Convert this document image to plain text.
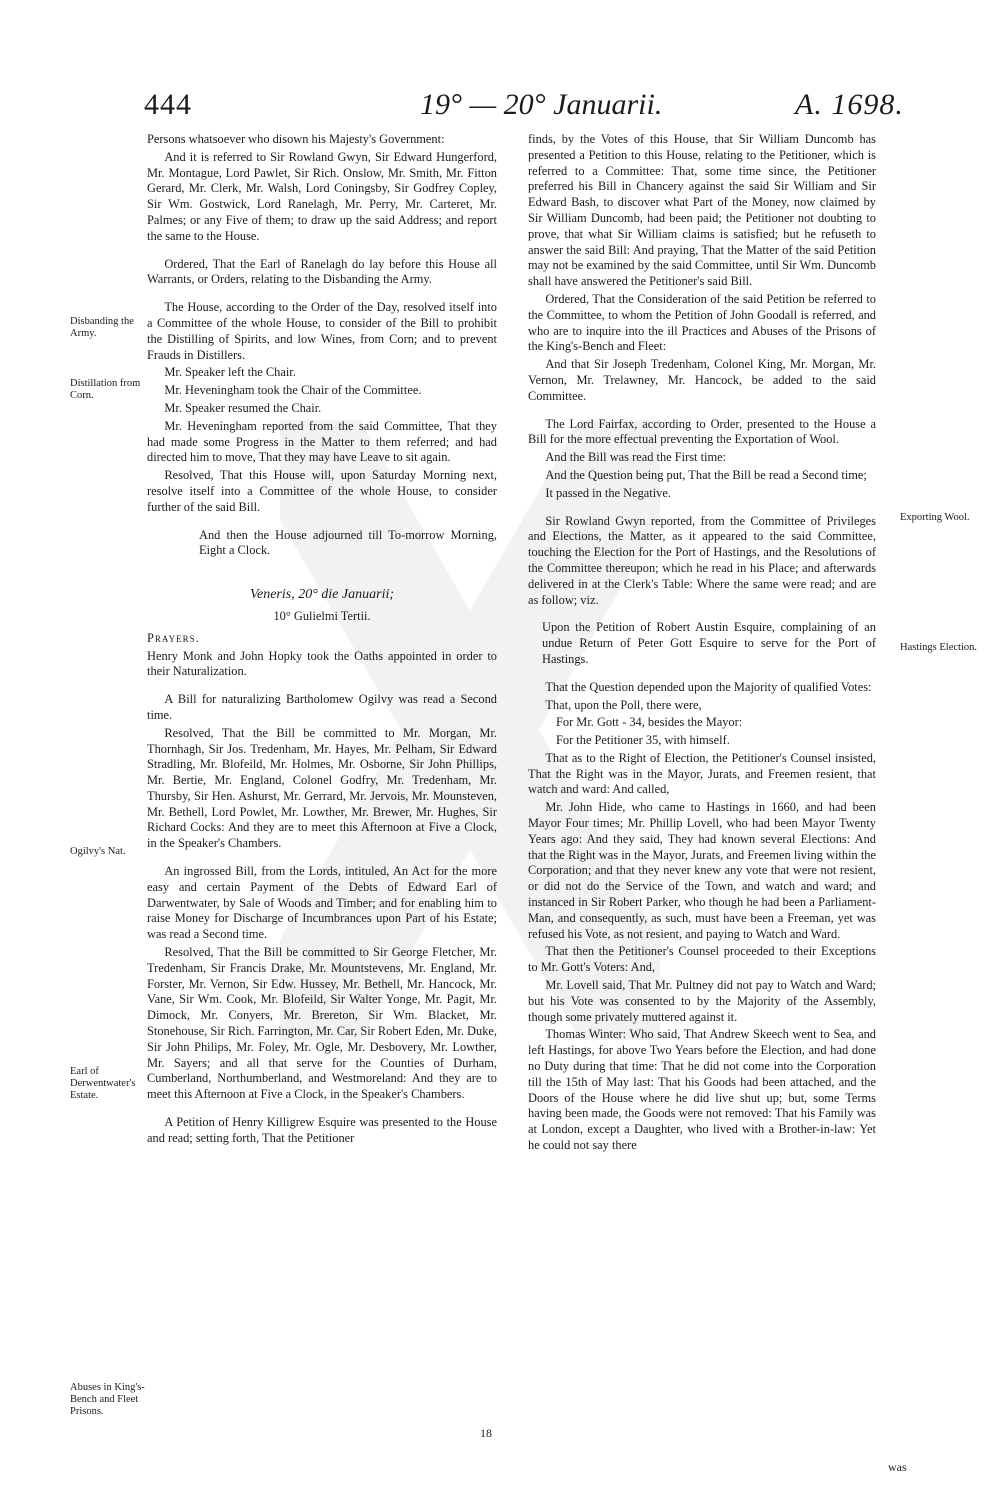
444	19° — 20° Januarii.	A. 1698.

Persons whatsoever who disown his Majesty's Government:

And it is referred to Sir Rowland Gwyn, Sir Edward Hungerford, Mr. Montague, Lord Pawlet, Sir Rich. Onslow, Mr. Smith, Mr. Fitton Gerard, Mr. Clerk, Mr. Walsh, Lord Coningsby, Sir Godfrey Copley, Sir Wm. Gostwick, Lord Ranelagh, Mr. Perry, Mr. Carteret, Mr. Palmes; or any Five of them; to draw up the said Address; and report the same to the House.

Ordered, That the Earl of Ranelagh do lay before this House all Warrants, or Orders, relating to the Disbanding the Army.

The House, according to the Order of the Day, resolved itself into a Committee of the whole House, to consider of the Bill to prohibit the Distilling of Spirits, and low Wines, from Corn; and to prevent Frauds in Distillers.

Mr. Speaker left the Chair.

Mr. Heveningham took the Chair of the Committee.

Mr. Speaker resumed the Chair.

Mr. Heveningham reported from the said Committee, That they had made some Progress in the Matter to them referred; and had directed him to move, That they may have Leave to sit again.

Resolved, That this House will, upon Saturday Morning next, resolve itself into a Committee of the whole House, to consider further of the said Bill.

And then the House adjourned till To-morrow Morning, Eight a Clock.

Veneris, 20° die Januarii;

10° Gulielmi Tertii.

Prayers.

Henry Monk and John Hopky took the Oaths appointed in order to their Naturalization.

A Bill for naturalizing Bartholomew Ogilvy was read a Second time.

Resolved, That the Bill be committed to Mr. Morgan, Mr. Thornhagh, Sir Jos. Tredenham, Mr. Hayes, Mr. Pelham, Sir Edward Stradling, Mr. Blofeild, Mr. Holmes, Mr. Osborne, Sir John Phillips, Mr. Bertie, Mr. England, Colonel Godfry, Mr. Tredenham, Mr. Thursby, Sir Hen. Ashurst, Mr. Gerrard, Mr. Jervois, Mr. Mounsteven, Mr. Bethell, Lord Powlet, Mr. Lowther, Mr. Brewer, Mr. Hughes, Sir Richard Cocks: And they are to meet this Afternoon at Five a Clock, in the Speaker's Chambers.

An ingrossed Bill, from the Lords, intituled, An Act for the more easy and certain Payment of the Debts of Edward Earl of Darwentwater, by Sale of Woods and Timber; and for enabling him to raise Money for Discharge of Incumbrances upon Part of his Estate; was read a Second time.

Resolved, That the Bill be committed to Sir George Fletcher, Mr. Tredenham, Sir Francis Drake, Mr. Mountstevens, Mr. England, Mr. Forster, Mr. Vernon, Sir Edw. Hussey, Mr. Bethell, Mr. Hancock, Mr. Vane, Sir Wm. Cook, Mr. Blofeild, Sir Walter Yonge, Mr. Pagit, Mr. Dimock, Mr. Conyers, Mr. Brereton, Sir Wm. Blacket, Mr. Stonehouse, Sir Rich. Farrington, Mr. Car, Sir Robert Eden, Mr. Duke, Sir John Philips, Mr. Foley, Mr. Ogle, Mr. Desbovery, Mr. Lowther, Mr. Sayers; and all that serve for the Counties of Durham, Cumberland, Northumberland, and Westmoreland: And they are to meet this Afternoon at Five a Clock, in the Speaker's Chambers.

A Petition of Henry Killigrew Esquire was presented to the House and read; setting forth, That the Petitioner

finds, by the Votes of this House, that Sir William Duncomb has presented a Petition to this House, relating to the Petitioner, which is referred to a Committee: That, some time since, the Petitioner preferred his Bill in Chancery against the said Sir William and Sir Edward Bash, to discover what Part of the Money, now claimed by Sir William Duncomb, had been paid; the Petitioner not doubting to prove, that what Sir William claims is satisfied; but he refuseth to answer the said Bill: And praying, That the Matter of the said Petition may not be examined by the said Committee, until Sir Wm. Duncomb shall have answered the Petitioner's said Bill.

Ordered, That the Consideration of the said Petition be referred to the Committee, to whom the Petition of John Goodall is referred, and who are to inquire into the ill Practices and Abuses of the Prisons of the King's-Bench and Fleet:

And that Sir Joseph Tredenham, Colonel King, Mr. Morgan, Mr. Vernon, Mr. Trelawney, Mr. Hancock, be added to the said Committee.

The Lord Fairfax, according to Order, presented to the House a Bill for the more effectual preventing the Exportation of Wool.

And the Bill was read the First time:

And the Question being put, That the Bill be read a Second time;

It passed in the Negative.

Sir Rowland Gwyn reported, from the Committee of Privileges and Elections, the Matter, as it appeared to the said Committee, touching the Election for the Port of Hastings, and the Resolutions of the Committee thereupon; which he read in his Place; and afterwards delivered in at the Clerk's Table: Where the same were read; and are as follow; viz.

Upon the Petition of Robert Austin Esquire, complaining of an undue Return of Peter Gott Esquire to serve for the Port of Hastings.

That the Question depended upon the Majority of qualified Votes:

That, upon the Poll, there were,

For Mr. Gott - 34, besides the Mayor:

For the Petitioner 35, with himself.

That as to the Right of Election, the Petitioner's Counsel insisted, That the Right was in the Mayor, Jurats, and Freemen resient, that watch and ward: And called,

Mr. John Hide, who came to Hastings in 1660, and had been Mayor Four times; Mr. Phillip Lovell, who had been Mayor Twenty Years ago: And they said, They had known several Elections: And that the Right was in the Mayor, Jurats, and Freemen living within the Corporation; and that they never knew any vote that were not resient, or did not do the Service of the Town, and watch and ward; and instanced in Sir Robert Parker, who though he had been a Parliament-Man, and consequently, as such, must have been a Freeman, yet was refused his Vote, as not resient, and paying to Watch and Ward.

That then the Petitioner's Counsel proceeded to their Exceptions to Mr. Gott's Voters: And,

Mr. Lovell said, That Mr. Pultney did not pay to Watch and Ward; but his Vote was consented to by the Majority of the Assembly, though some privately muttered against it.

Thomas Winter: Who said, That Andrew Skeech went to Sea, and left Hastings, for above Two Years before the Election, and had done no Duty during that time: That he did not come into the Corporation till the 15th of May last: That his Goods had been attached, and the Doors of the House where he did live shut up; but, some Terms having been made, the Goods were not removed: That his Family was at London, except a Daughter, who lived with a Brother-in-law: Yet he could not say there

Disbanding the Army.
Distillation from Corn.
Ogilvy's Nat.
Earl of Derwentwater's Estate.
Abuses in King's-Bench and Fleet Prisons.
Exporting Wool.
Hastings Election.
18
was
